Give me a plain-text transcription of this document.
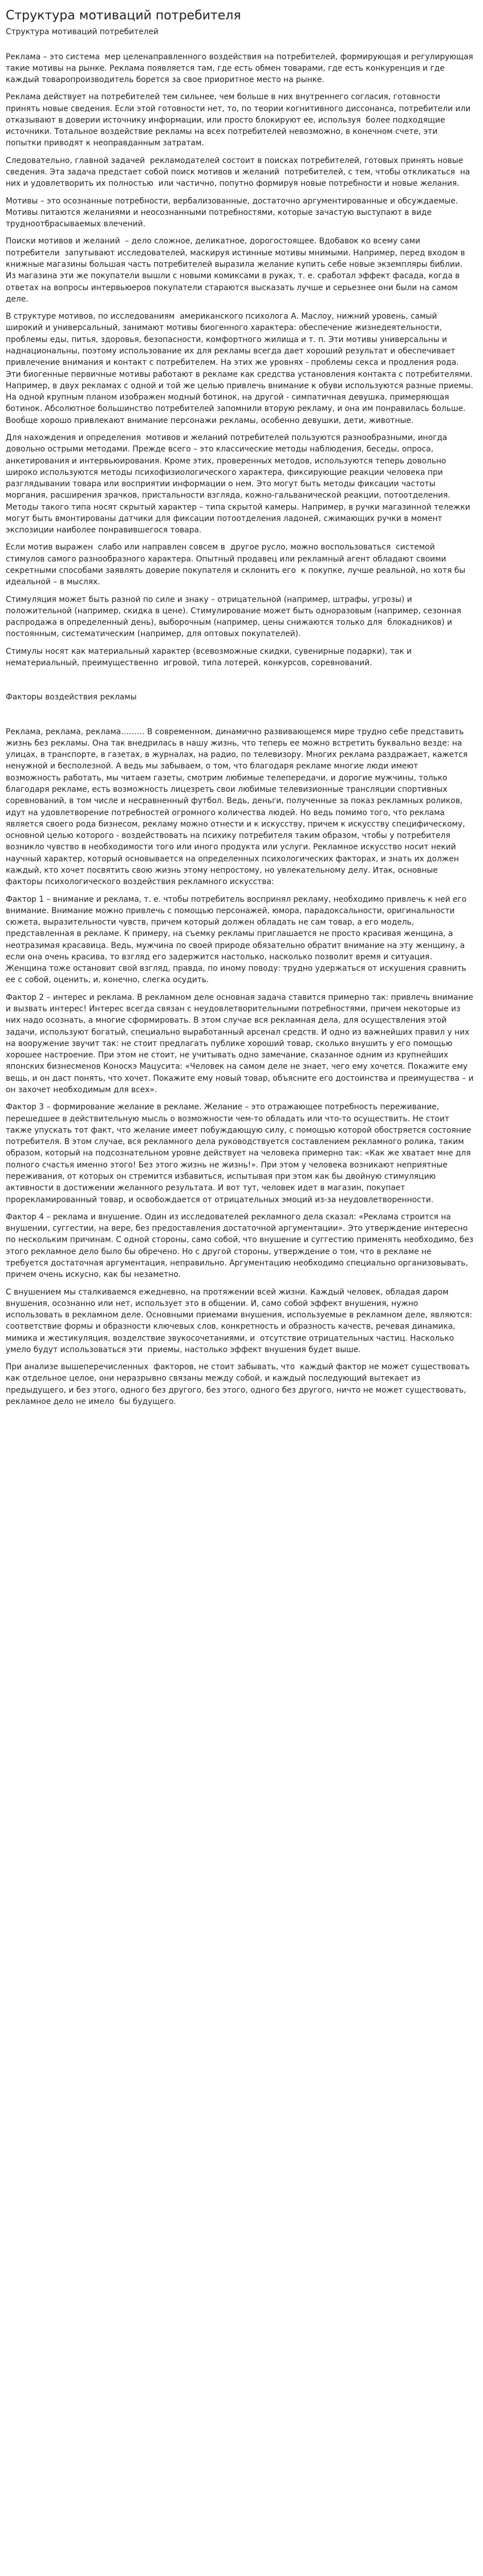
Структура мотиваций потребителя
Структура мотиваций потребителей

Реклама – это система  мер целенаправленного воздействия на потребителей, формирующая и регулирующая такие мотивы на рынке. Реклама появляется там, где есть обмен товарами, где есть конкуренция и где каждый товаропроизводитель борется за свое приоритное место на рынке.

Реклама действует на потребителей тем сильнее, чем больше в них внутреннего согласия, готовности принять новые сведения. Если этой готовности нет, то, по теории когнитивного диссонанса, потребители или отказывают в доверии источнику информации, или просто блокируют ее, используя  более подходящие источники. Тотальное воздействие рекламы на всех потребителей невозможно, в конечном счете, эти попытки приводят к неоправданным затратам.

Следовательно, главной задачей  рекламодателей состоит в поисках потребителей, готовых принять новые  сведения. Эта задача предстает собой поиск мотивов и желаний  потребителей, с тем, чтобы откликаться  на них и удовлетворить их полностью  или частично, попутно формируя новые потребности и новые желания.

Мотивы – это осознанные потребности, вербализованные, достаточно аргументированные и обсуждаемые. Мотивы питаются желаниями и неосознанными потребностями, которые зачастую выступают в виде трудноотбрасываемых влечений.

Поиски мотивов и желаний  – дело сложное, деликатное, дорогостоящее. Вдобавок ко всему сами потребители  запутывают исследователей, маскируя истинные мотивы мнимыми. Например, перед входом в книжные магазины большая часть потребителей выразила желание купить себе новые экземпляры библии. Из магазина эти же покупатели вышли с новыми комиксами в руках, т. е. сработал эффект фасада, когда в ответах на вопросы интервьюеров покупатели стараются высказать лучше и серьезнее они были на самом деле.

В структуре мотивов, по исследованиям  американского психолога А. Маслоу, нижний уровень, самый широкий и универсальный, занимают мотивы биогенного характера: обеспечение жизнедеятельности, проблемы еды, питья, здоровья, безопасности, комфортного жилища и т. п. Эти мотивы универсальны и наднациональны, поэтому использование их для рекламы всегда дает хороший результат и обеспечивает привлечение внимания и контакт с потребителем. На этих же уровнях - проблемы секса и продления рода. Эти биогенные первичные мотивы работают в рекламе как средства установления контакта с потребителями. Например, в двух рекламах с одной и той же целью привлечь внимание к обуви используются разные приемы. На одной крупным планом изображен модный ботинок, на другой - симпатичная девушка, примеряющая ботинок. Абсолютное большинство потребителей запомнили вторую рекламу, и она им понравилась больше. Вообще хорошо привлекают внимание персонажи рекламы, особенно девушки, дети, животные.

Для нахождения и определения  мотивов и желаний потребителей пользуются разнообразными, иногда довольно острыми методами. Прежде всего – это классические методы наблюдения, беседы, опроса, анкетирования и интервьюирования. Кроме этих, проверенных методов, используются теперь довольно широко используются методы психофизиологического характера, фиксирующие реакции человека при разглядывании товара или восприятии информации о нем. Это могут быть методы фиксации частоты моргания, расширения зрачков, пристальности взгляда, кожно-гальванической реакции, потоотделения. Методы такого типа носят скрытый характер – типа скрытой камеры. Например, в ручки магазинной тележки могут быть вмонтированы датчики для фиксации потоотделения ладоней, сжимающих ручки в момент экспозиции наиболее понравившегося товара.

Если мотив выражен  слабо или направлен совсем в  другое русло, можно воспользоваться  системой стимулов самого разнообразного характера. Опытный продавец или рекламный агент обладают своими секретными способами заявлять доверие покупателя и склонить его  к покупке, лучше реальной, но хотя бы идеальной – в мыслях.

Стимуляция может быть разной по силе и знаку – отрицательной (например, штрафы, угрозы) и положительной (например, скидка в цене). Стимулирование может быть одноразовым (например, сезонная распродажа в определенный день), выборочным (например, цены снижаются только для  блокадников) и постоянным, систематическим (например, для оптовых покупателей).

Стимулы носят как материальный характер (всевозможные скидки, сувенирные подарки), так и нематериальный, преимущественно  игровой, типа лотерей, конкурсов, соревнований.

Факторы воздействия рекламы

Реклама, реклама, реклама……… В современном, динамично развивающемся мире трудно себе представить жизнь без рекламы. Она так внедрилась в нашу жизнь, что теперь ее можно встретить буквально везде: на улицах, в транспорте, в газетах, в журналах, на радио, по телевизору. Многих реклама раздражает, кажется ненужной и бесполезной. А ведь мы забываем, о том, что благодаря рекламе многие люди имеют возможность работать, мы читаем газеты, смотрим любимые телепередачи, и дорогие мужчины, только благодаря рекламе, есть возможность лицезреть свои любимые телевизионные трансляции спортивных соревнований, в том числе и несравненный футбол. Ведь, деньги, полученные за показ рекламных роликов, идут на удовлетворение потребностей огромного количества людей. Но ведь помимо того, что реклама является своего рода бизнесом, рекламу можно отнести и к искусству, причем к искусству специфическому, основной целью которого - воздействовать на психику потребителя таким образом, чтобы у потребителя возникло чувство в необходимости того или иного продукта или услуги. Рекламное искусство носит некий научный характер, который основывается на определенных психологических факторах, и знать их должен каждый, кто хочет посвятить свою жизнь этому непростому, но увлекательному делу. Итак, основные факторы психологического воздействия рекламного искусства:

Фактор 1 – внимание и реклама, т. е. чтобы потребитель воспринял рекламу, необходимо привлечь к ней его внимание. Внимание можно привлечь с помощью персонажей, юмора, парадоксальности, оригинальности сюжета, выразительности чувств, причем который должен обладать не сам товар, а его модель, представленная в рекламе. К примеру, на съемку рекламы приглашается не просто красивая женщина, а неотразимая красавица. Ведь, мужчина по своей природе обязательно обратит внимание на эту женщину, а если она очень красива, то взгляд его задержится настолько, насколько позволит время и ситуация. Женщина тоже остановит свой взгляд, правда, по иному поводу: трудно удержаться от искушения сравнить ее с собой, оценить, и, конечно, слегка осудить.

Фактор 2 – интерес и реклама. В рекламном деле основная задача ставится примерно так: привлечь внимание и вызвать интерес! Интерес всегда связан с неудовлетворительными потребностями, причем некоторые из них надо осознать, а многие сформировать. В этом случае вся рекламная дела, для осуществления этой задачи, используют богатый, специально выработанный арсенал средств. И одно из важнейших правил у них на вооружение звучит так: не стоит предлагать публике хороший товар, сколько внушить у его помощью хорошее настроение. При этом не стоит, не учитывать одно замечание, сказанное одним из крупнейших японских бизнесменов Коноскэ Мацусита: «Человек на самом деле не знает, чего ему хочется. Покажите ему вещь, и он даст понять, что хочет. Покажите ему новый товар, объясните его достоинства и преимущества – и он захочет необходимым для всех».

Фактор 3 – формирование желание в рекламе. Желание – это отражающее потребность переживание, перешедшее в действительную мысль о возможности чем-то обладать или что-то осуществить. Не стоит также упускать тот факт, что желание имеет побуждающую силу, с помощью которой обостряется состояние потребителя. В этом случае, вся рекламного дела руководствуется составлением рекламного ролика, таким образом, который на подсознательном уровне действует на человека примерно так: «Как же хватает мне для полного счастья именно этого! Без этого жизнь не жизнь!». При этом у человека возникают неприятные переживания, от которых он стремится избавиться, испытывая при этом как бы двойную стимуляцию активности в достижении желанного результата. И вот тут, человек идет в магазин, покупает прорекламированный товар, и освобождается от отрицательных эмоций из-за неудовлетворенности.

Фактор 4 – реклама и внушение. Один из исследователей рекламного дела сказал: «Реклама строится на внушении, суггестии, на вере, без предоставления достаточной аргументации». Это утверждение интересно по нескольким причинам. С одной стороны, само собой, что внушение и суггестию применять необходимо, без этого рекламное дело было бы обречено. Но с другой стороны, утверждение о том, что в рекламе не требуется достаточная аргументация, неправильно. Аргументацию необходимо специально организовывать, причем очень искусно, как бы незаметно.

С внушением мы сталкиваемся ежедневно, на протяжении всей жизни. Каждый человек, обладая даром внушения, осознанно или нет, использует это в общении. И, само собой эффект внушения, нужно использовать в рекламном деле. Основными приемами внушения, используемые в рекламном деле, являются: соответствие формы и образности ключевых слов, конкретность и образность качеств, речевая динамика, мимика и жестикуляция, возделствие звукосочетаниями, и  отсутствие отрицательных частиц. Насколько умело будут использоваться эти  приемы, настолько эффект внушения будет выше.

При анализе вышеперечисленных  факторов, не стоит забывать, что  каждый фактор не может существовать как отдельное целое, они неразрывно связаны между собой, и каждый последующий вытекает из предыдущего, и без этого, одного без другого, без этого, одного без другого, ничто не может существовать, рекламное дело не имело  бы будущего.
